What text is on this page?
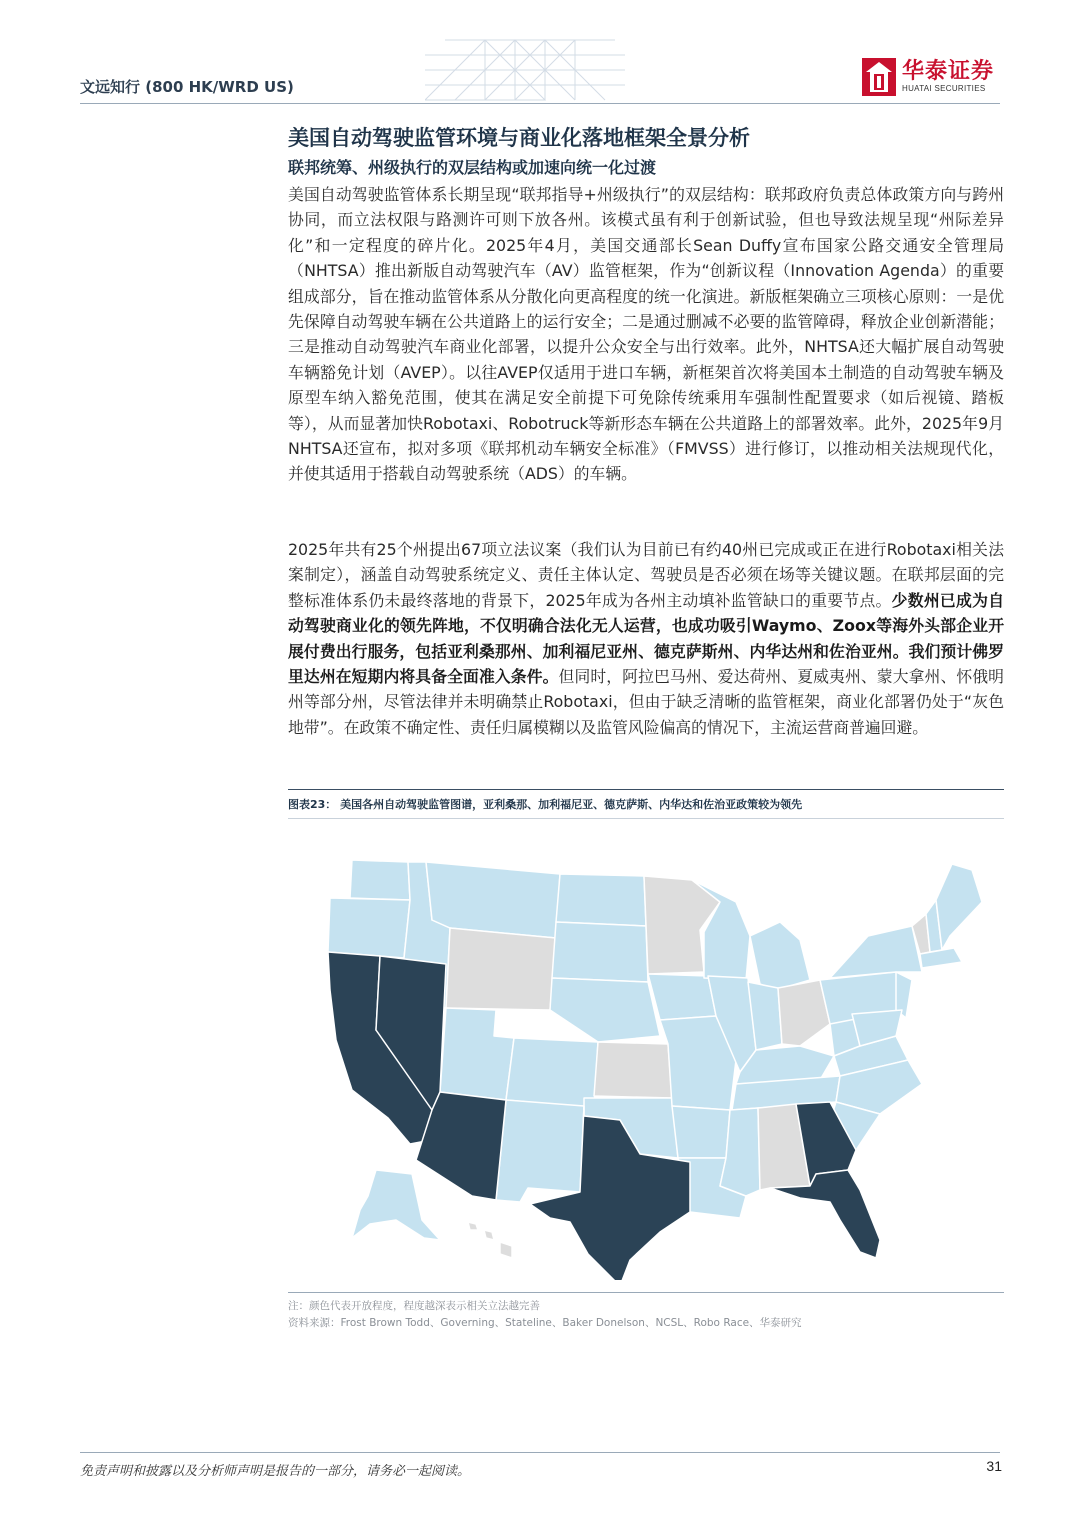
文远知行 (800 HK/WRD US)
华泰证券
HUATAI SECURITIES
美国自动驾驶监管环境与商业化落地框架全景分析
联邦统筹、州级执行的双层结构或加速向统一化过渡
美国自动驾驶监管体系长期呈现“联邦指导+州级执行”的双层结构：联邦政府负责总体政策方向与跨州协同，而立法权限与路测许可则下放各州。该模式虽有利于创新试验，但也导致法规呈现“州际差异化”和一定程度的碎片化。2025年4月，美国交通部长Sean Duffy宣布国家公路交通安全管理局（NHTSA）推出新版自动驾驶汽车（AV）监管框架，作为“创新议程（Innovation Agenda）的重要组成部分，旨在推动监管体系从分散化向更高程度的统一化演进。新版框架确立三项核心原则：一是优先保障自动驾驶车辆在公共道路上的运行安全；二是通过删减不必要的监管障碍，释放企业创新潜能；三是推动自动驾驶汽车商业化部署，以提升公众安全与出行效率。此外，NHTSA还大幅扩展自动驾驶车辆豁免计划（AVEP）。以往AVEP仅适用于进口车辆，新框架首次将美国本土制造的自动驾驶车辆及原型车纳入豁免范围，使其在满足安全前提下可免除传统乘用车强制性配置要求（如后视镜、踏板等），从而显著加快Robotaxi、Robotruck等新形态车辆在公共道路上的部署效率。此外，2025年9月NHTSA还宣布，拟对多项《联邦机动车辆安全标准》（FMVSS）进行修订，以推动相关法规现代化，并使其适用于搭载自动驾驶系统（ADS）的车辆。
2025年共有25个州提出67项立法议案（我们认为目前已有约40州已完成或正在进行Robotaxi相关法案制定），涵盖自动驾驶系统定义、责任主体认定、驾驶员是否必须在场等关键议题。在联邦层面的完整标准体系仍未最终落地的背景下，2025年成为各州主动填补监管缺口的重要节点。少数州已成为自动驾驶商业化的领先阵地，不仅明确合法化无人运营，也成功吸引Waymo、Zoox等海外头部企业开展付费出行服务，包括亚利桑那州、加利福尼亚州、德克萨斯州、内华达州和佐治亚州。我们预计佛罗里达州在短期内将具备全面准入条件。但同时，阿拉巴马州、爱达荷州、夏威夷州、蒙大拿州、怀俄明州等部分州，尽管法律并未明确禁止Robotaxi，但由于缺乏清晰的监管框架，商业化部署仍处于“灰色地带”。在政策不确定性、责任归属模糊以及监管风险偏高的情况下，主流运营商普遍回避。
图表23： 美国各州自动驾驶监管图谱，亚利桑那、加利福尼亚、德克萨斯、内华达和佐治亚政策较为领先
注：颜色代表开放程度，程度越深表示相关立法越完善
资料来源：Frost Brown Todd、Governing、Stateline、Baker Donelson、NCSL、Robo Race、华泰研究
免责声明和披露以及分析师声明是报告的一部分，请务必一起阅读。	31
